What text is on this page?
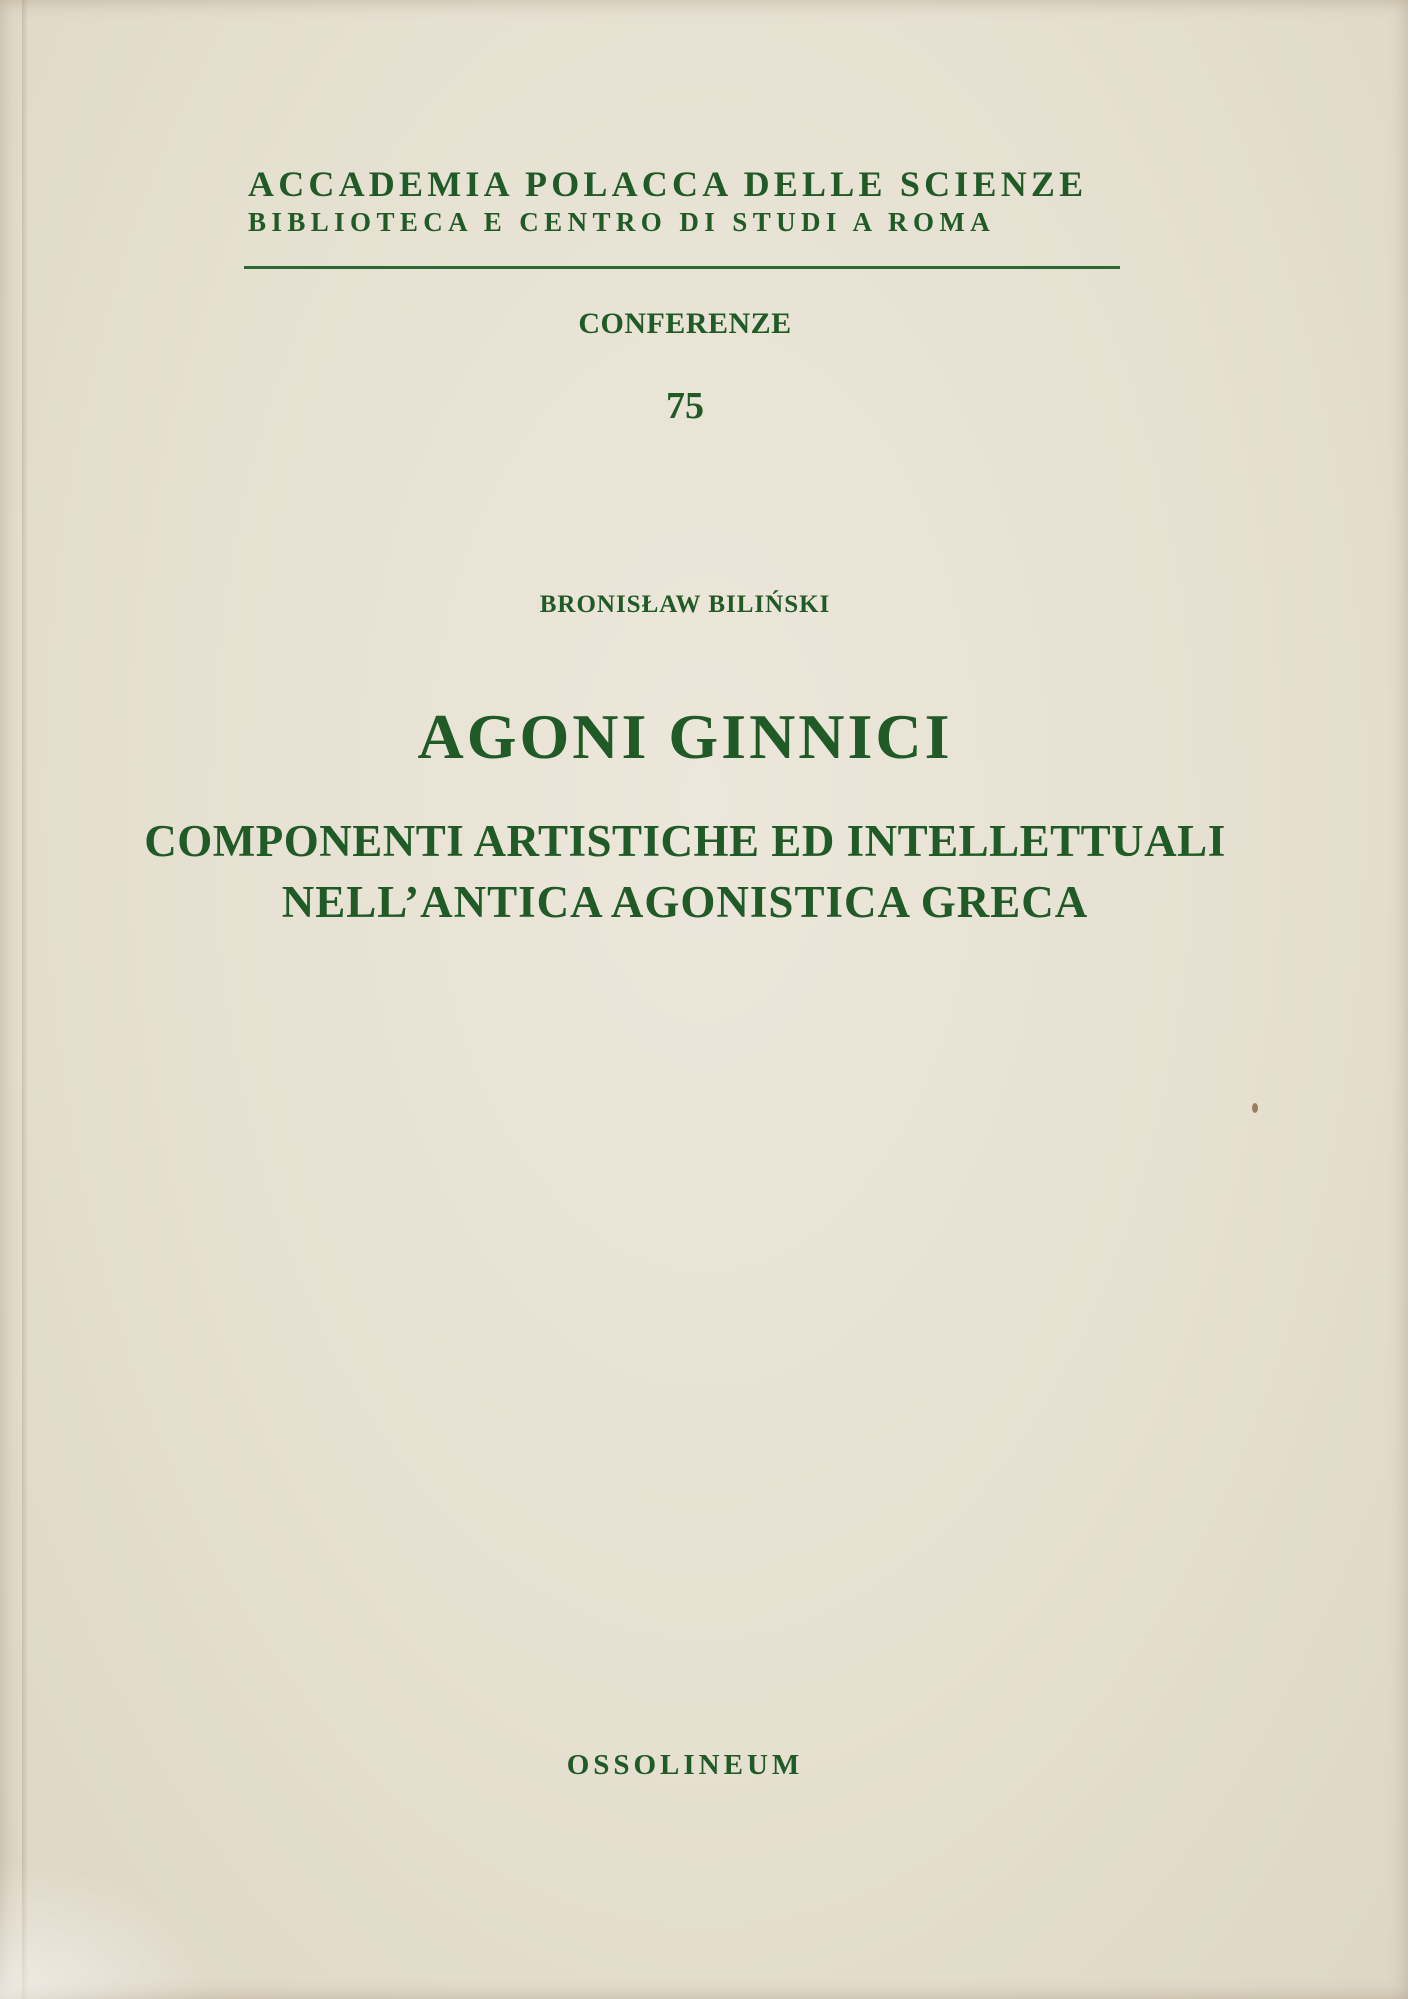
ACCADEMIA POLACCA DELLE SCIENZE
BIBLIOTECA E CENTRO DI STUDI A ROMA
CONFERENZE
75
BRONISŁAW BILIŃSKI
AGONI GINNICI
COMPONENTI ARTISTICHE ED INTELLETTUALI
NELL’ANTICA AGONISTICA GRECA
OSSOLINEUM
